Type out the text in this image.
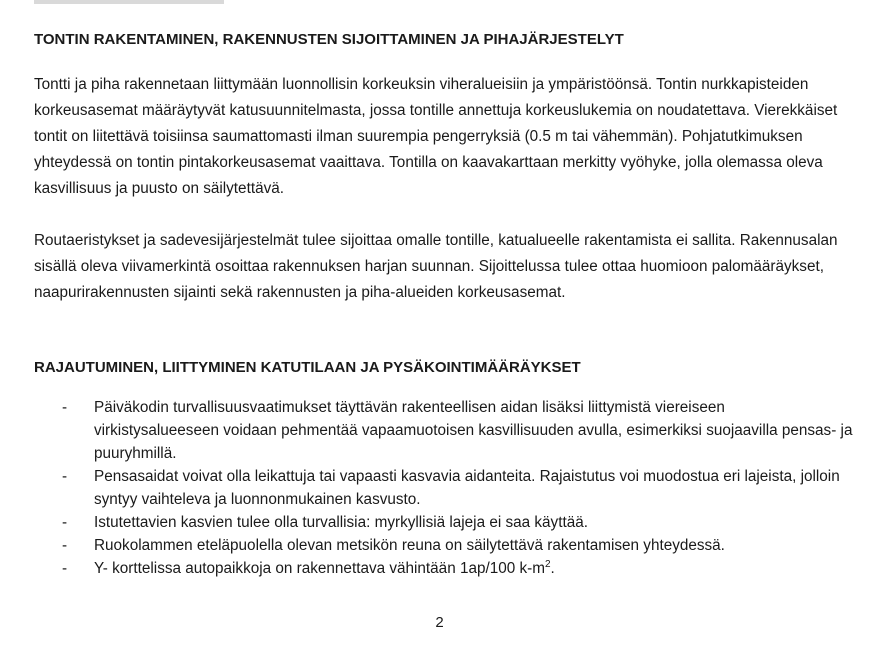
TONTIN RAKENTAMINEN, RAKENNUSTEN SIJOITTAMINEN JA PIHAJÄRJESTELYT

Tontti ja piha rakennetaan liittymään luonnollisin korkeuksin viheralueisiin ja ympäristöönsä. Tontin nurkkapisteiden korkeusasemat määräytyvät katusuunnitelmasta, jossa tontille annettuja korkeuslukemia on noudatettava. Vierekkäiset tontit on liitettävä toisiinsa saumattomasti ilman suurempia pengerryksiä (0.5 m tai vähemmän). Pohjatutkimuksen yhteydessä on tontin pintakorkeusasemat vaaittava. Tontilla on kaavakarttaan merkitty vyöhyke, jolla olemassa oleva kasvillisuus ja puusto on säilytettävä.

Routaeristykset ja sadevesijärjestelmät tulee sijoittaa omalle tontille, katualueelle rakentamista ei sallita. Rakennusalan sisällä oleva viivamerkintä osoittaa rakennuksen harjan suunnan. Sijoittelussa tulee ottaa huomioon palomääräykset, naapurirakennusten sijainti sekä rakennusten ja piha-alueiden korkeusasemat.

RAJAUTUMINEN, LIITTYMINEN KATUTILAAN JA PYSÄKOINTIMÄÄRÄYKSET
- Päiväkodin turvallisuusvaatimukset täyttävän rakenteellisen aidan lisäksi liittymistä viereiseen virkistysalueeseen voidaan pehmentää vapaamuotoisen kasvillisuuden avulla, esimerkiksi suojaavilla pensas- ja puuryhmillä.
- Pensasaidat voivat olla leikattuja tai vapaasti kasvavia aidanteita. Rajaistutus voi muodostua eri lajeista, jolloin syntyy vaihteleva ja luonnonmukainen kasvusto.
- Istutettavien kasvien tulee olla turvallisia: myrkyllisiä lajeja ei saa käyttää.
- Ruokolammen eteläpuolella olevan metsikön reuna on säilytettävä rakentamisen yhteydessä.
- Y- korttelissa autopaikkoja on rakennettava vähintään 1ap/100 $k-m^2$.
2
